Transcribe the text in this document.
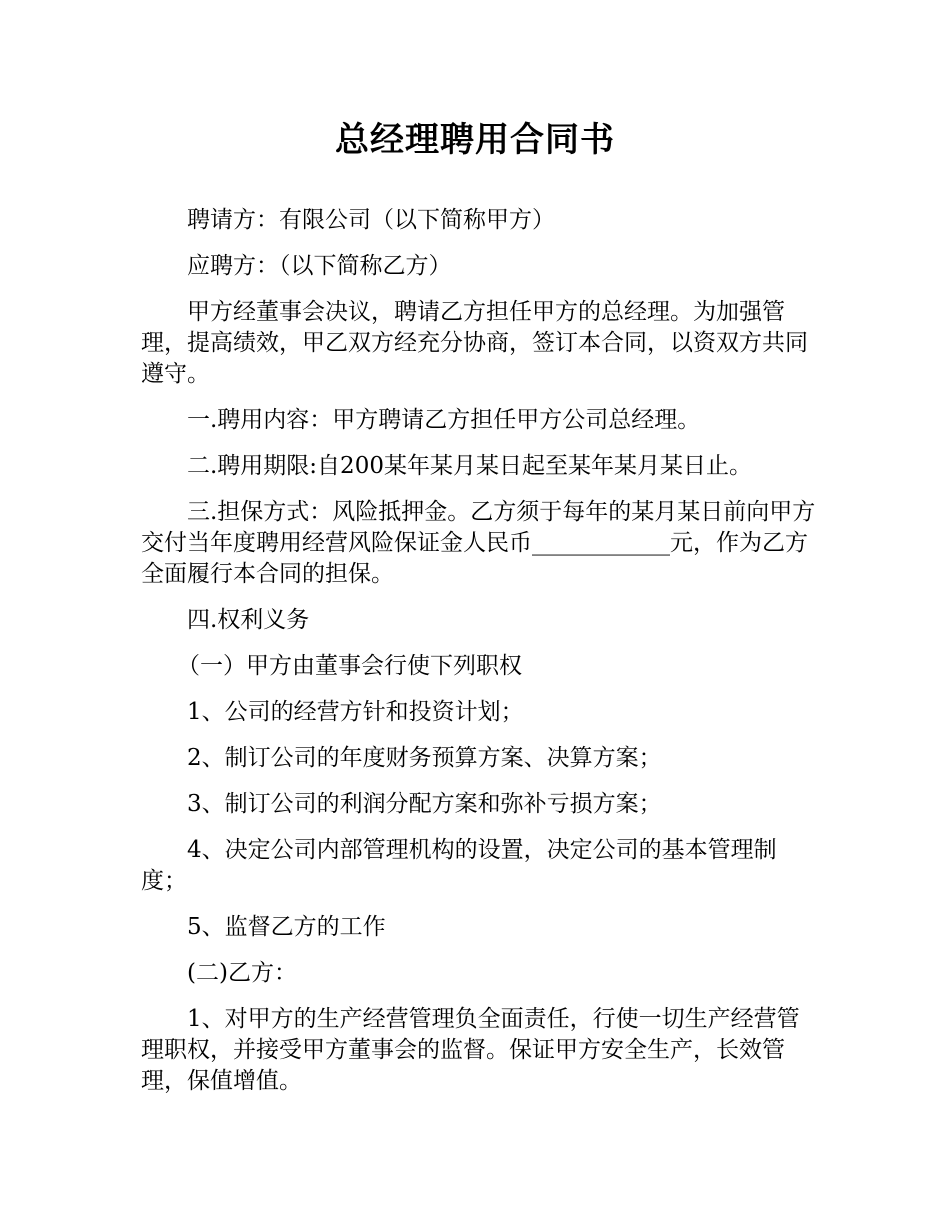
总经理聘用合同书

聘请方：有限公司（以下简称甲方）

应聘方：（以下简称乙方）

甲方经董事会决议，聘请乙方担任甲方的总经理。为加强管理，提高绩效，甲乙双方经充分协商，签订本合同，以资双方共同遵守。

一.聘用内容：甲方聘请乙方担任甲方公司总经理。

二.聘用期限:自200某年某月某日起至某年某月某日止。

三.担保方式：风险抵押金。乙方须于每年的某月某日前向甲方交付当年度聘用经营风险保证金人民币____________元，作为乙方全面履行本合同的担保。

四.权利义务

（一）甲方由董事会行使下列职权

1、公司的经营方针和投资计划；

2、制订公司的年度财务预算方案、决算方案；

3、制订公司的利润分配方案和弥补亏损方案；

4、决定公司内部管理机构的设置，决定公司的基本管理制度；

5、监督乙方的工作

(二)乙方：

1、对甲方的生产经营管理负全面责任，行使一切生产经营管理职权，并接受甲方董事会的监督。保证甲方安全生产，长效管理，保值增值。
